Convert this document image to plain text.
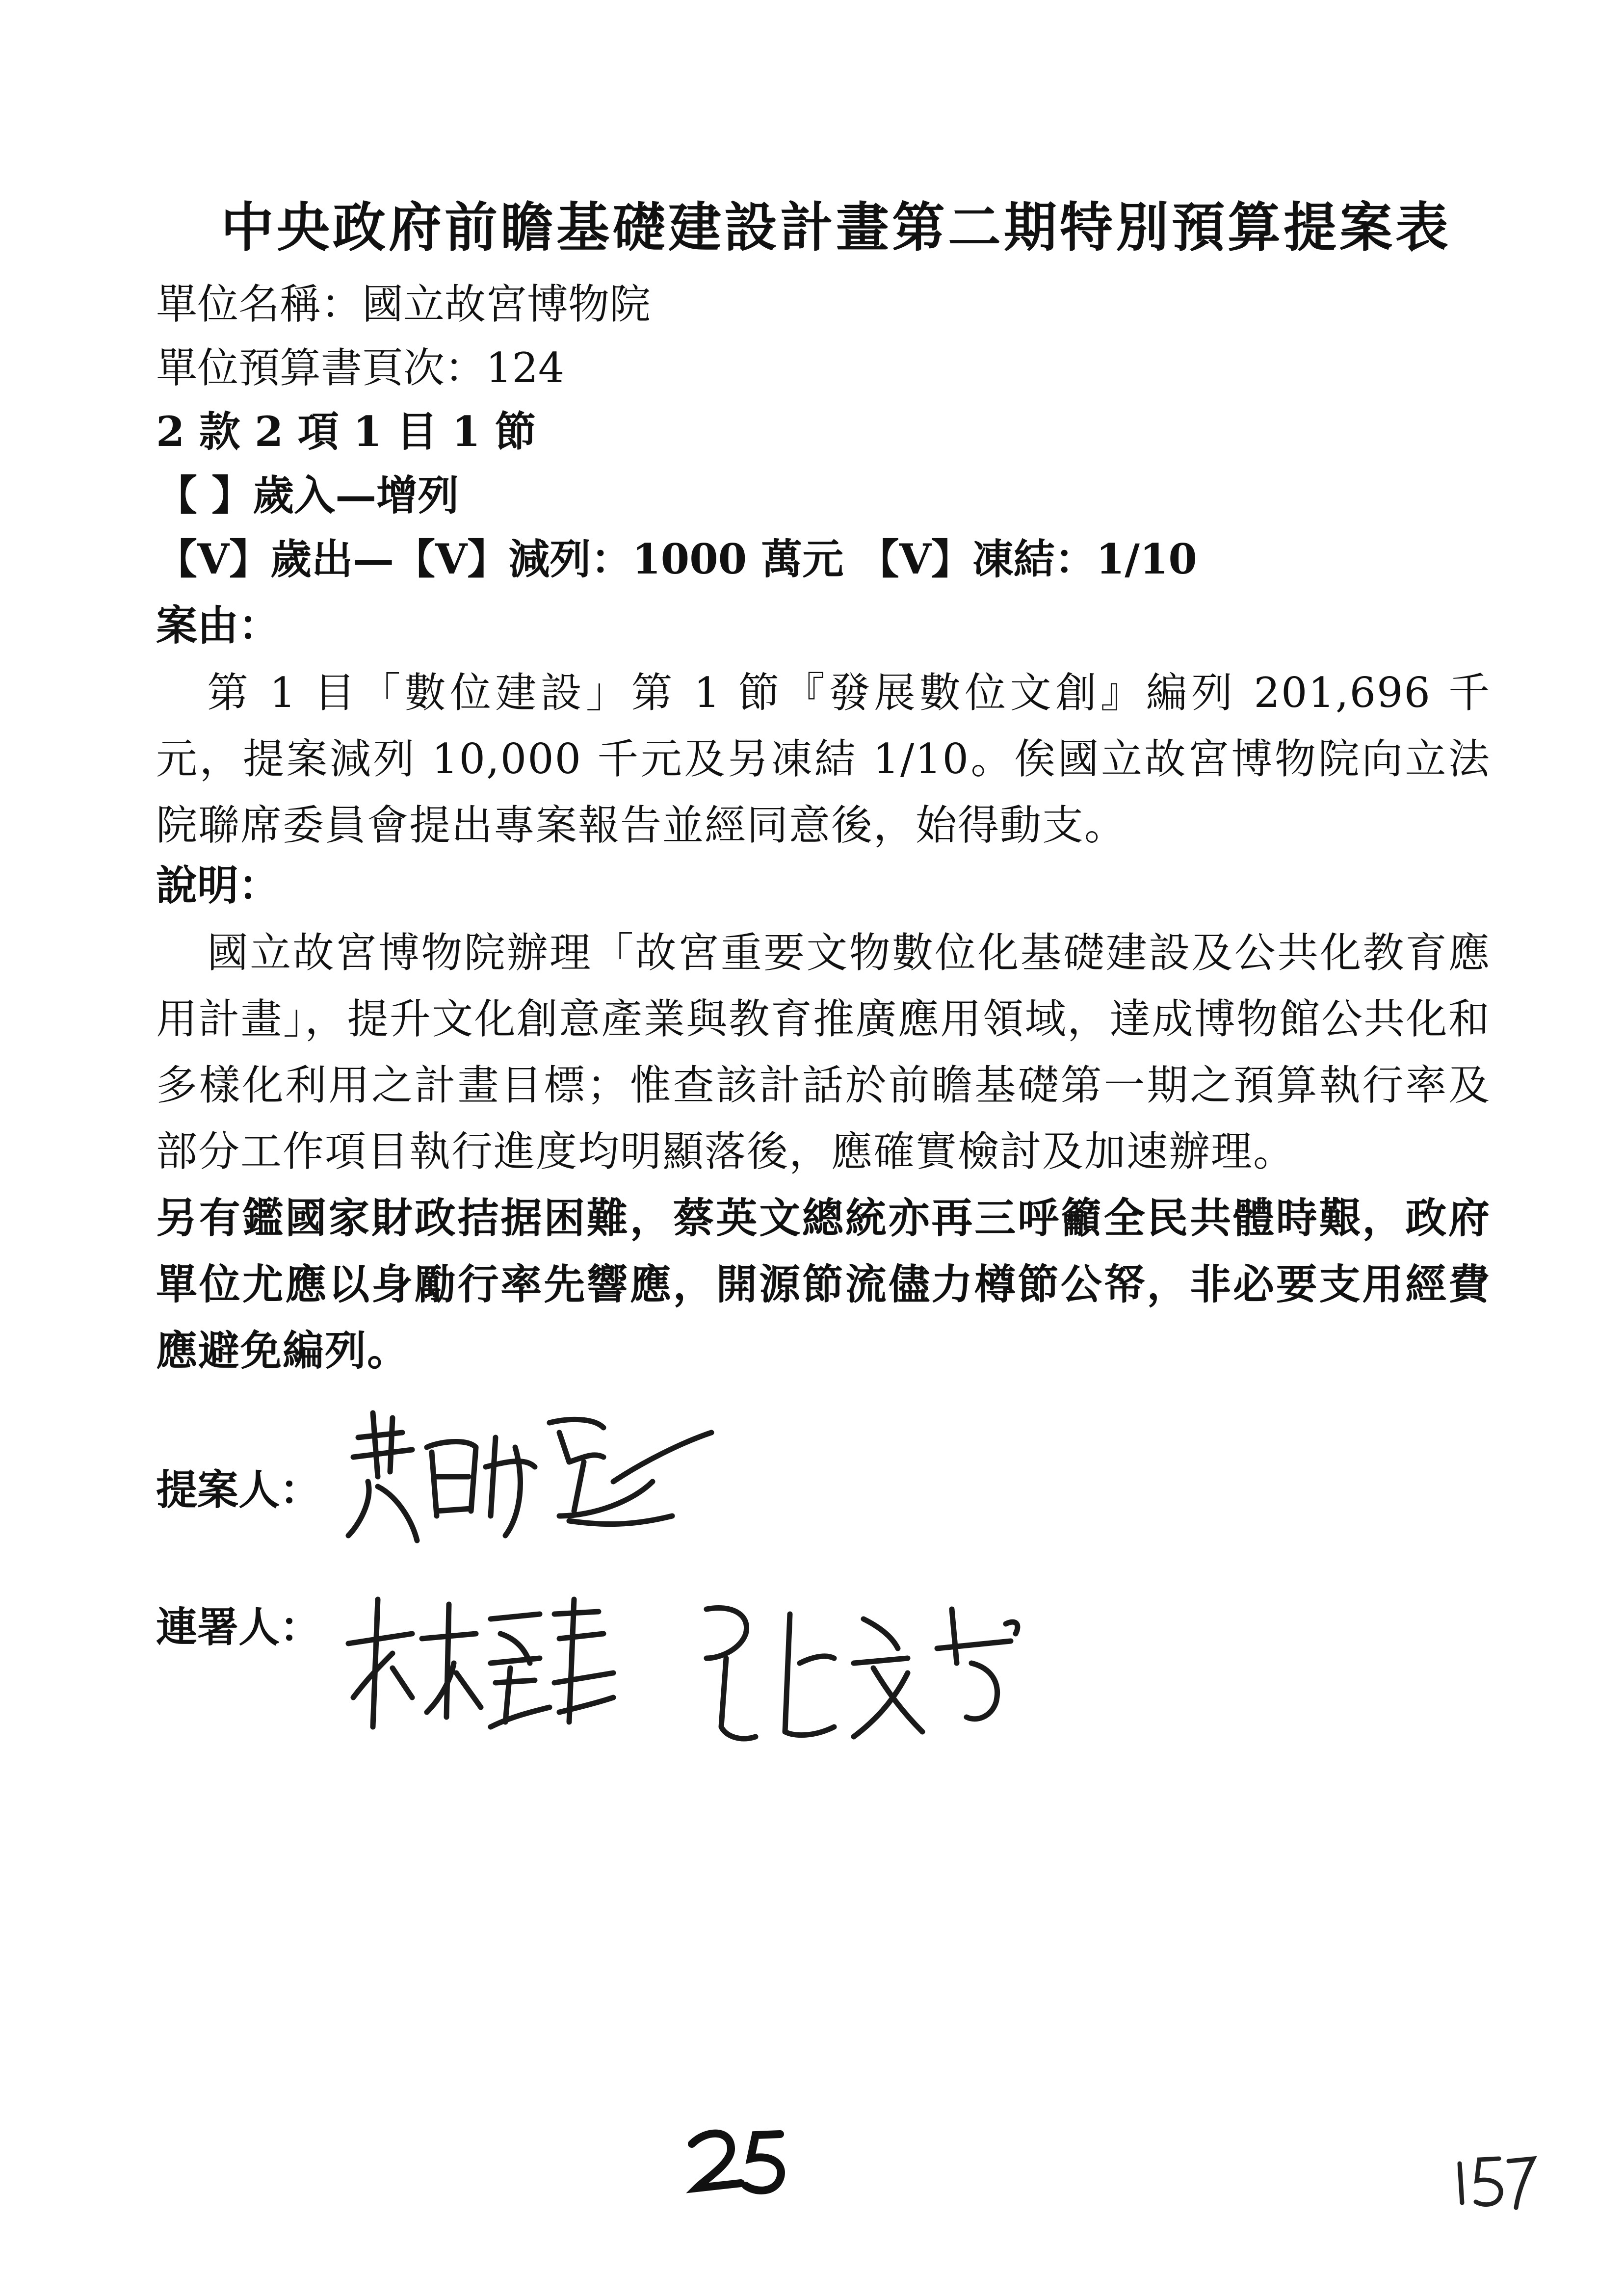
中央政府前瞻基礎建設計畫第二期特別預算提案表
單位名稱：國立故宮博物院
單位預算書頁次：124
2 款 2 項 1 目 1 節
【 】歲入—增列
【V】歲出—【V】減列：1000 萬元 【V】凍結：1/10
案由：
第 1 目「數位建設」第 1 節『發展數位文創』編列 201,696 千元，提案減列 10,000 千元及另凍結 1/10。俟國立故宮博物院向立法院聯席委員會提出專案報告並經同意後，始得動支。
說明：
國立故宮博物院辦理「故宮重要文物數位化基礎建設及公共化教育應用計畫」，提升文化創意產業與教育推廣應用領域，達成博物館公共化和多樣化利用之計畫目標；惟查該計話於前瞻基礎第一期之預算執行率及部分工作項目執行進度均明顯落後，應確實檢討及加速辦理。
另有鑑國家財政拮据困難，蔡英文總統亦再三呼籲全民共體時艱，政府單位尤應以身勵行率先響應，開源節流儘力樽節公帑，非必要支用經費應避免編列。
提案人：
連署人：
